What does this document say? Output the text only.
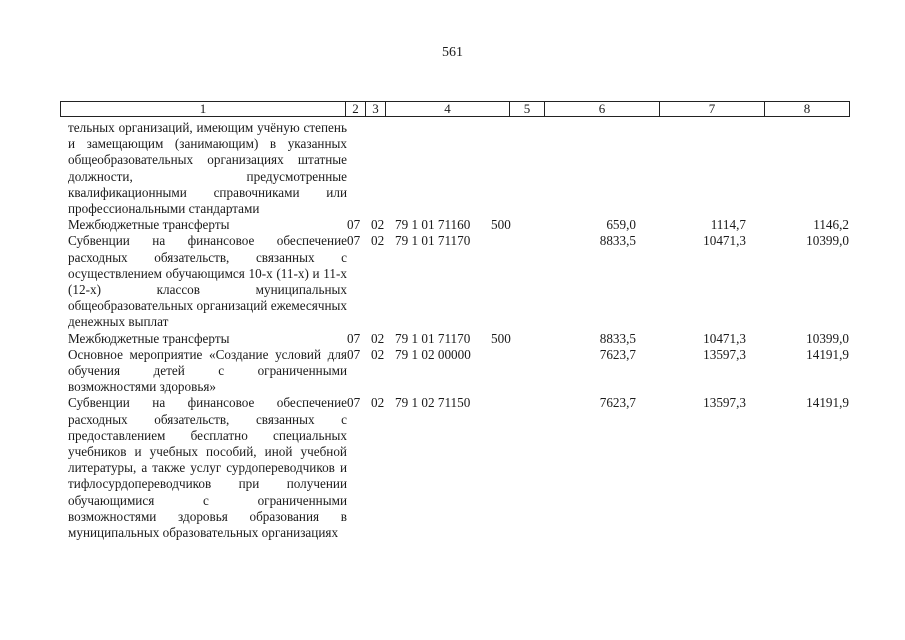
561
1	2	3	4	5	6	7	8
тельных организаций, имеющим учёную степень и замещающим (занимающим) в указанных общеобразовательных организациях штатные должности, предусмотренные квалификационными справочниками или профессиональными стандартами							
Межбюджетные трансферты	07	02	79 1 01 71160	500	659,0	1114,7	1146,2
Субвенции на финансовое обеспечение расходных обязательств, связанных с осуществлением обучающимся 10-х (11-х) и 11-х (12-х) классов муниципальных общеобразовательных организаций ежемесячных денежных выплат	07	02	79 1 01 71170		8833,5	10471,3	10399,0
Межбюджетные трансферты	07	02	79 1 01 71170	500	8833,5	10471,3	10399,0
Основное мероприятие «Создание условий для обучения детей с ограниченными возможностями здоровья»	07	02	79 1 02 00000		7623,7	13597,3	14191,9
Субвенции на финансовое обеспечение расходных обязательств, связанных с предоставлением бесплатно специальных учебников и учебных пособий, иной учебной литературы, а также услуг сурдопереводчиков и тифлосурдопереводчиков при получении обучающимися с ограниченными возможностями здоровья образования в муниципальных образовательных организациях	07	02	79 1 02 71150		7623,7	13597,3	14191,9
